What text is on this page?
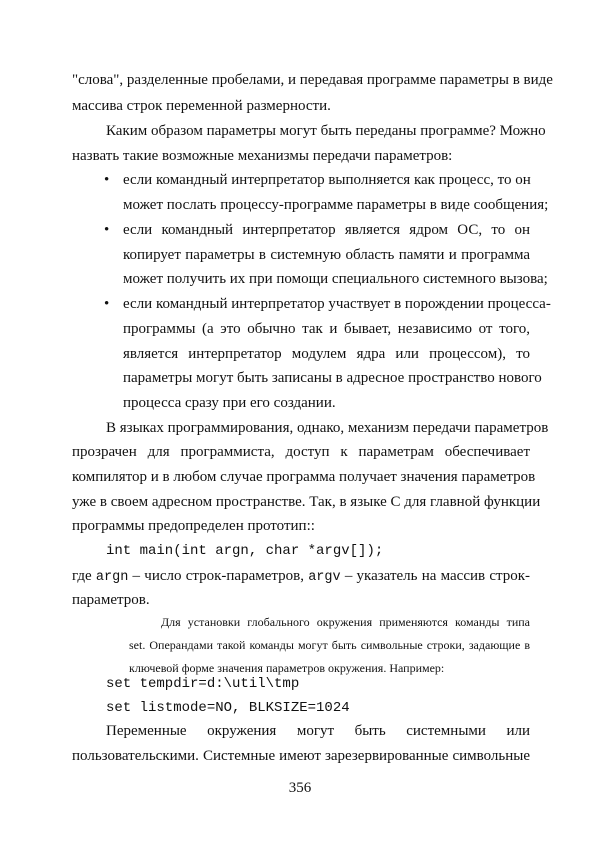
"слова", разделенные пробелами, и передавая программе параметры в виде
массива строк переменной размерности.
Каким образом параметры могут быть переданы программе? Можно
назвать такие возможные механизмы передачи параметров:
• если командный интерпретатор выполняется как процесс, то он
может послать процессу-программе параметры в виде сообщения;
• если командный интерпретатор является ядром ОС, то он
копирует параметры в системную область памяти и программа
может получить их при помощи специального системного вызова;
• если командный интерпретатор участвует в порождении процесса-
программы (а это обычно так и бывает, независимо от того,
является интерпретатор модулем ядра или процессом), то
параметры могут быть записаны в адресное пространство нового
процесса сразу при его создании.
В языках программирования, однако, механизм передачи параметров
прозрачен для программиста, доступ к параметрам обеспечивает
компилятор и в любом случае программа получает значения параметров
уже в своем адресном пространстве. Так, в языке С для главной функции
программы предопределен прототип::
int main(int argn, char *argv[]);
где argn – число строк-параметров, argv – указатель на массив строк-
параметров.
Для установки глобального окружения применяются команды типа
set. Операндами такой команды могут быть символьные строки, задающие в
ключевой форме значения параметров окружения. Например:
set tempdir=d:\util\tmp
set listmode=NO, BLKSIZE=1024
Переменные окружения могут быть системными или
пользовательскими. Системные имеют зарезервированные символьные
356
